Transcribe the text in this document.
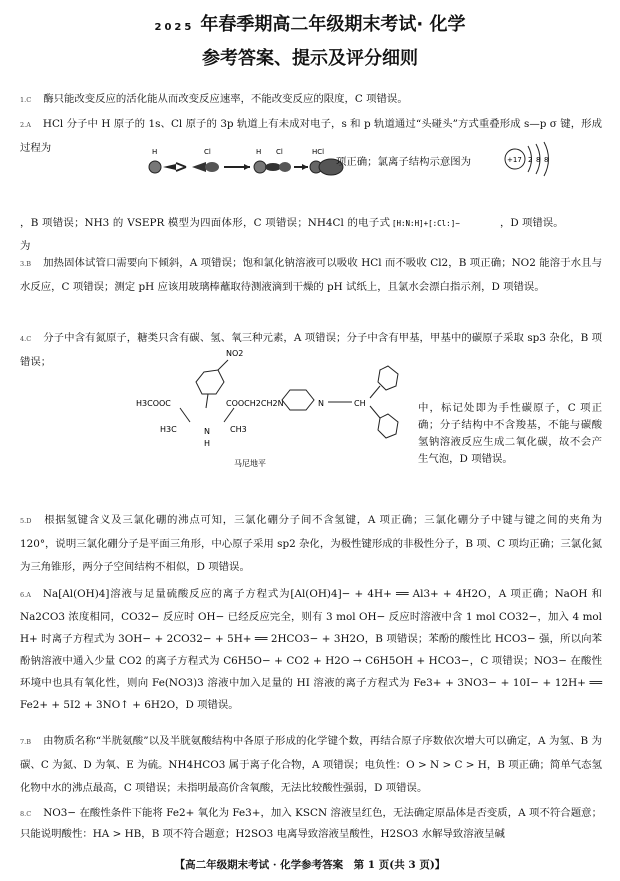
2025 年春季期高二年级期末考试· 化学
参考答案、提示及评分细则
1.C 酶只能改变反应的活化能从而改变反应速率，不能改变反应的限度，C 项错误。
2.A HCl 分子中 H 原子的 1s、Cl 原子的 3p 轨道上有未成对电子，s 和 p 轨道通过“头碰头”方式重叠形成 s—p σ 键，形成过程为	H	Cl	H Cl	HCl
项正确；氯离子结构示意图为	+17 2 8 8
，B 项错误；NH3 的 VSEPR 模型为四面体形，C 项错误；NH4Cl 的电子式为
[H:N:H]+[:Cl:]−	，D 项错误。
3.B 加热固体试管口需要向下倾斜，A 项错误；饱和氯化钠溶液可以吸收 HCl 而不吸收 Cl2，B 项正确；NO2 能溶于水且与水反应，C 项错误；测定 pH 应该用玻璃棒蘸取待测液滴到干燥的 pH 试纸上，且氯水会漂白指示剂，D 项错误。
4.C 分子中含有氮原子，糖类只含有碳、氢、氧三种元素，A 项错误；分子中含有甲基，甲基中的碳原子采取 sp3 杂化，B 项错误；
NO2
H3COOC	COOCH2CH2N	N	CH
H3C	N
H
CH3
马尼地平
中，标记处即为手性碳原子，C 项正确；分子结构中不含羧基，不能与碳酸氢钠溶液反应生成二氧化碳，故不会产生气泡，D 项错误。
5.D 根据氢键含义及三氯化硼的沸点可知，三氯化硼分子间不含氢键，A 项正确；三氯化硼分子中键与键之间的夹角为 120°，说明三氯化硼分子是平面三角形，中心原子采用 sp2 杂化，为极性键形成的非极性分子，B 项、C 项均正确；三氯化氮为三角锥形，两分子空间结构不相似，D 项错误。
6.A Na[Al(OH)4]溶液与足量硫酸反应的离子方程式为[Al(OH)4]− + 4H+ ══ Al3+ + 4H2O，A 项正确；NaOH 和 Na2CO3 浓度相同，CO32− 反应时 OH− 已经反应完全，则有 3 mol OH− 反应时溶液中含 1 mol CO32−，加入 4 mol H+ 时离子方程式为 3OH− + 2CO32− + 5H+ ══ 2HCO3− + 3H2O，B 项错误；苯酚的酸性比 HCO3− 强，所以向苯酚钠溶液中通入少量 CO2 的离子方程式为 C6H5O− + CO2 + H2O → C6H5OH + HCO3−，C 项错误；NO3− 在酸性环境中也具有氧化性，则向 Fe(NO3)3 溶液中加入足量的 HI 溶液的离子方程式为 Fe3+ + 3NO3− + 10I− + 12H+ ══ Fe2+ + 5I2 + 3NO↑ + 6H2O，D 项错误。
7.B 由物质名称“半胱氨酸”以及半胱氨酸结构中各原子形成的化学键个数，再结合原子序数依次增大可以确定，A 为氢、B 为碳、C 为氮、D 为氧、E 为硫。NH4HCO3 属于离子化合物，A 项错误；电负性：O > N > C > H，B 项正确；简单气态氢化物中水的沸点最高，C 项错误；未指明最高价含氧酸，无法比较酸性强弱，D 项错误。
8.C NO3− 在酸性条件下能将 Fe2+ 氧化为 Fe3+，加入 KSCN 溶液呈红色，无法确定原晶体是否变质，A 项不符合题意；只能说明酸性：HA > HB，B 项不符合题意；H2SO3 电离导致溶液呈酸性，H2SO3 水解导致溶液呈碱
【高二年级期末考试 · 化学参考答案　第 1 页(共 3 页)】
